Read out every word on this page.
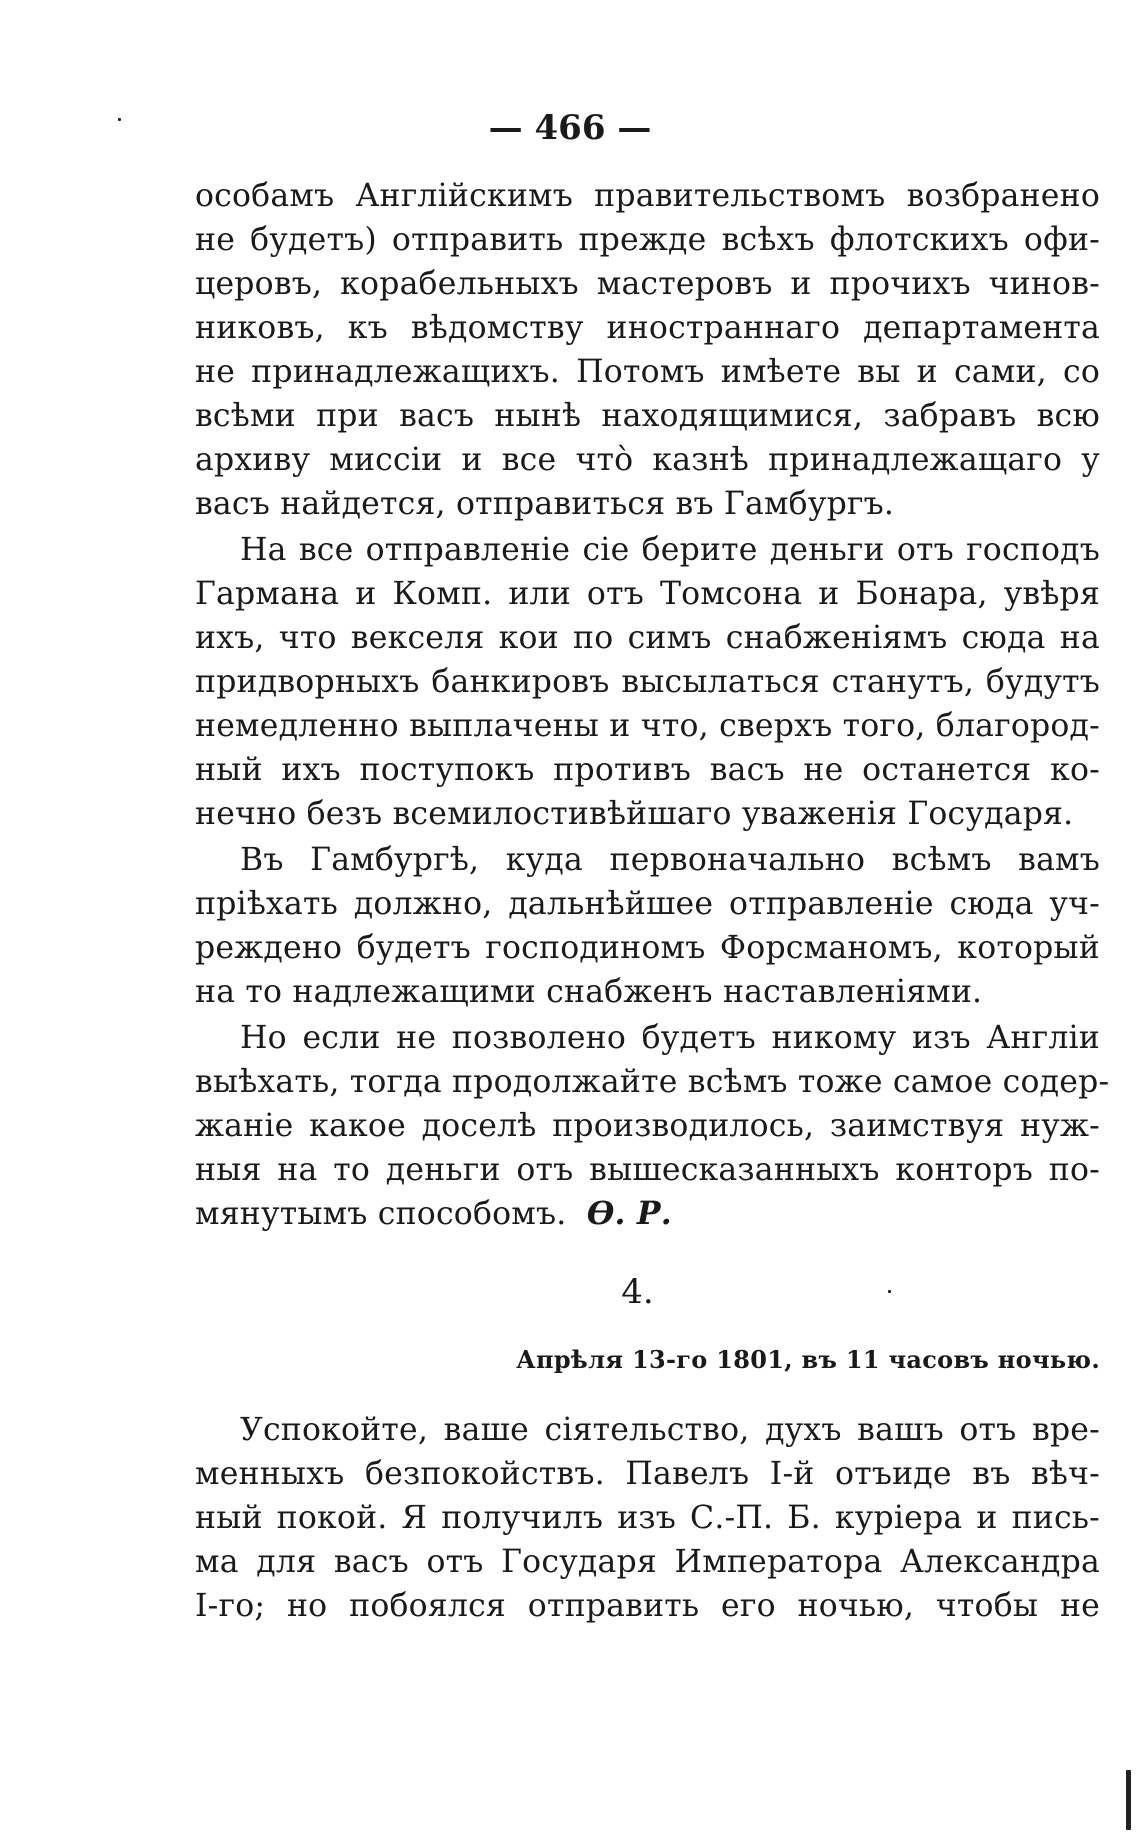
— 466 —
особамъ Англійскимъ правительствомъ возбранено
не будетъ) отправить прежде всѣхъ флотскихъ офи-
церовъ, корабельныхъ мастеровъ и прочихъ чинов-
никовъ, къ вѣдомству иностраннаго департамента
не принадлежащихъ. Потомъ имѣете вы и сами, со
всѣми при васъ нынѣ находящимися, забравъ всю
архиву миссіи и все что̀ казнѣ принадлежащаго у
васъ найдется, отправиться въ Гамбургъ.
На все отправленіе сіе берите деньги отъ господъ
Гармана и Комп. или отъ Томсона и Бонара, увѣря
ихъ, что векселя кои по симъ снабженіямъ сюда на
придворныхъ банкировъ высылаться станутъ, будутъ
немедленно выплачены и что, сверхъ того, благород-
ный ихъ поступокъ противъ васъ не останется ко-
нечно безъ всемилостивѣйшаго уваженія Государя.
Въ Гамбургѣ, куда первоначально всѣмъ вамъ
пріѣхать должно, дальнѣйшее отправленіе сюда уч-
реждено будетъ господиномъ Форсманомъ, который
на то надлежащими снабженъ наставленіями.
Но если не позволено будетъ никому изъ Англіи
выѣхать, тогда продолжайте всѣмъ тоже самое содер-
жаніе какое доселѣ производилось, заимствуя нуж-
ныя на то деньги отъ вышесказанныхъ конторъ по-
мянутымъ способомъ. Ѳ. Р.
4.
Апрѣля 13-го 1801, въ 11 часовъ ночью.
Успокойте, ваше сіятельство, духъ вашъ отъ вре-
менныхъ безпокойствъ. Павелъ І-й отъиде въ вѣч-
ный покой. Я получилъ изъ С.-П. Б. куріера и пись-
ма для васъ отъ Государя Императора Александра
І-го; но побоялся отправить его ночью, чтобы не
